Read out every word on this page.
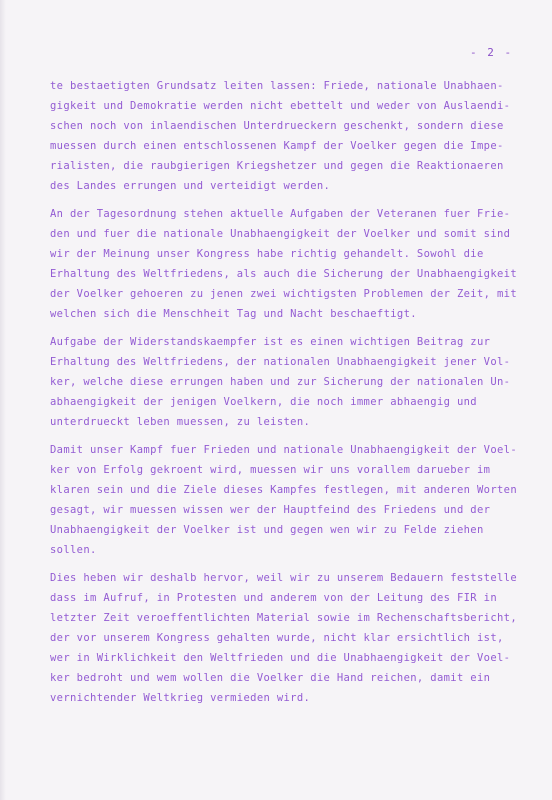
- 2 -
te bestaetigten Grundsatz leiten lassen: Friede, nationale Unabhaen-
gigkeit und Demokratie werden nicht ebettelt und weder von Auslaendi-
schen noch von inlaendischen Unterdrueckern geschenkt, sondern diese
muessen durch einen entschlossenen Kampf der Voelker gegen die Impe-
rialisten, die raubgierigen Kriegshetzer und gegen die Reaktionaeren
des Landes errungen und verteidigt werden.
An der Tagesordnung stehen aktuelle Aufgaben der Veteranen fuer Frie-
den und fuer die nationale Unabhaengigkeit der Voelker und somit sind
wir der Meinung unser Kongress habe richtig gehandelt. Sowohl die
Erhaltung des Weltfriedens, als auch die Sicherung der Unabhaengigkeit
der Voelker gehoeren zu jenen zwei wichtigsten Problemen der Zeit, mit
welchen sich die Menschheit Tag und Nacht beschaeftigt.
Aufgabe der Widerstandskaempfer ist es einen wichtigen Beitrag zur
Erhaltung des Weltfriedens, der nationalen Unabhaengigkeit jener Vol-
ker, welche diese errungen haben und zur Sicherung der nationalen Un-
abhaengigkeit der jenigen Voelkern, die noch immer abhaengig und
unterdrueckt leben muessen, zu leisten.
Damit unser Kampf fuer Frieden und nationale Unabhaengigkeit der Voel-
ker von Erfolg gekroent wird, muessen wir uns vorallem darueber im
klaren sein und die Ziele dieses Kampfes festlegen, mit anderen Worten
gesagt, wir muessen wissen wer der Hauptfeind des Friedens und der
Unabhaengigkeit der Voelker ist und gegen wen wir zu Felde ziehen
sollen.
Dies heben wir deshalb hervor, weil wir zu unserem Bedauern feststelle
dass im Aufruf, in Protesten und anderem von der Leitung des FIR in
letzter Zeit veroeffentlichten Material sowie im Rechenschaftsbericht,
der vor unserem Kongress gehalten wurde, nicht klar ersichtlich ist,
wer in Wirklichkeit den Weltfrieden und die Unabhaengigkeit der Voel-
ker bedroht und wem wollen die Voelker die Hand reichen, damit ein
vernichtender Weltkrieg vermieden wird.
